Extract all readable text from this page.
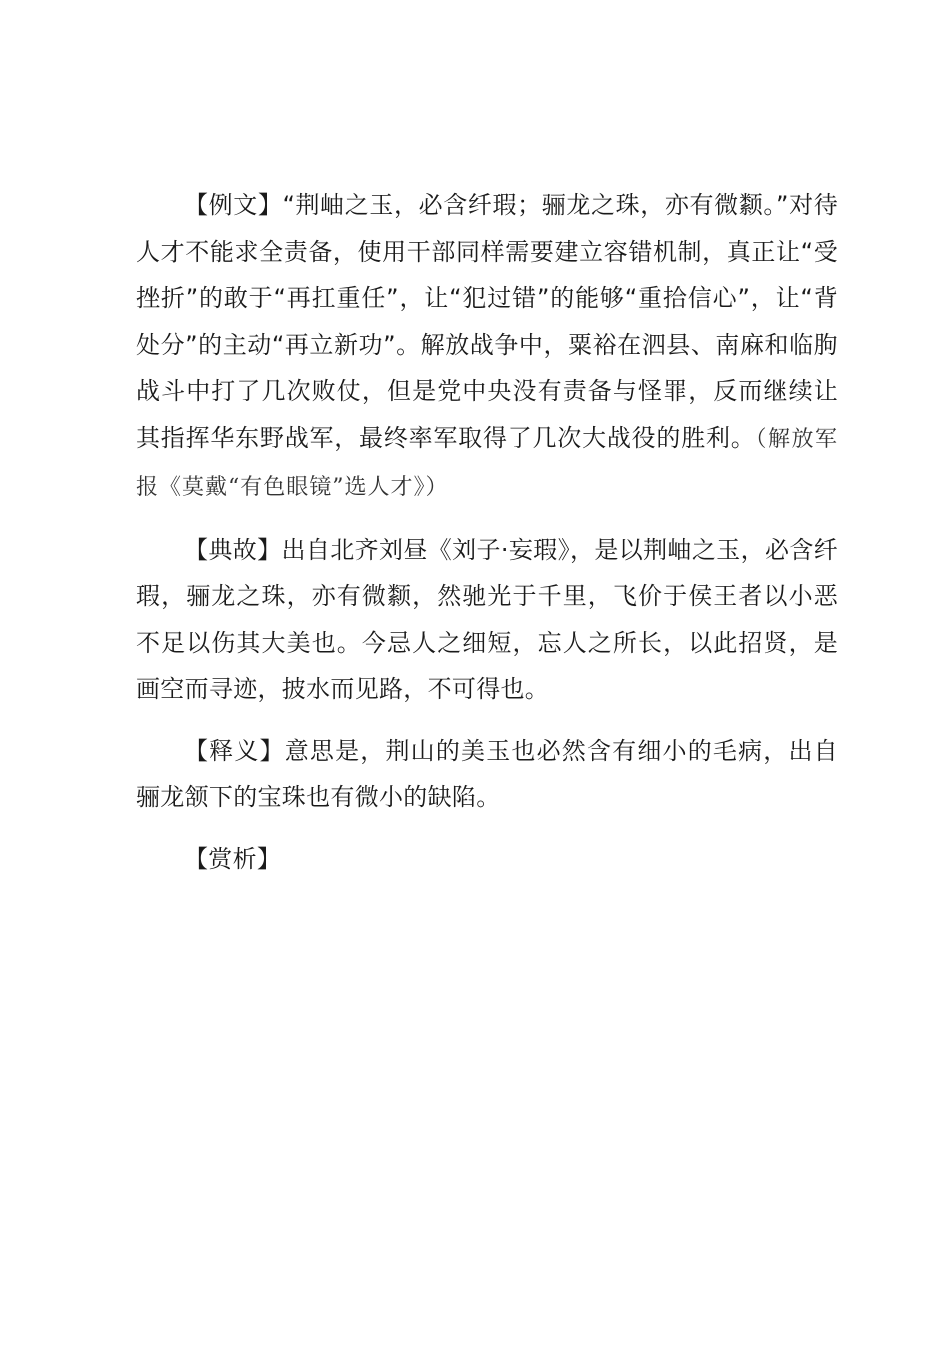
【例文】“荆岫之玉，必含纤瑕；骊龙之珠，亦有微颣。”对待人才不能求全责备，使用干部同样需要建立容错机制，真正让“受挫折”的敢于“再扛重任”，让“犯过错”的能够“重拾信心”，让“背处分”的主动“再立新功”。解放战争中，粟裕在泗县、南麻和临朐战斗中打了几次败仗，但是党中央没有责备与怪罪，反而继续让其指挥华东野战军，最终率军取得了几次大战役的胜利。（解放军报《莫戴“有色眼镜”选人才》）

【典故】出自北齐刘昼《刘子·妄瑕》，是以荆岫之玉，必含纤瑕，骊龙之珠，亦有微颣，然驰光于千里，飞价于侯王者以小恶不足以伤其大美也。今忌人之细短，忘人之所长，以此招贤，是画空而寻迹，披水而见路，不可得也。

【释义】意思是，荆山的美玉也必然含有细小的毛病，出自骊龙颔下的宝珠也有微小的缺陷。

【赏析】
